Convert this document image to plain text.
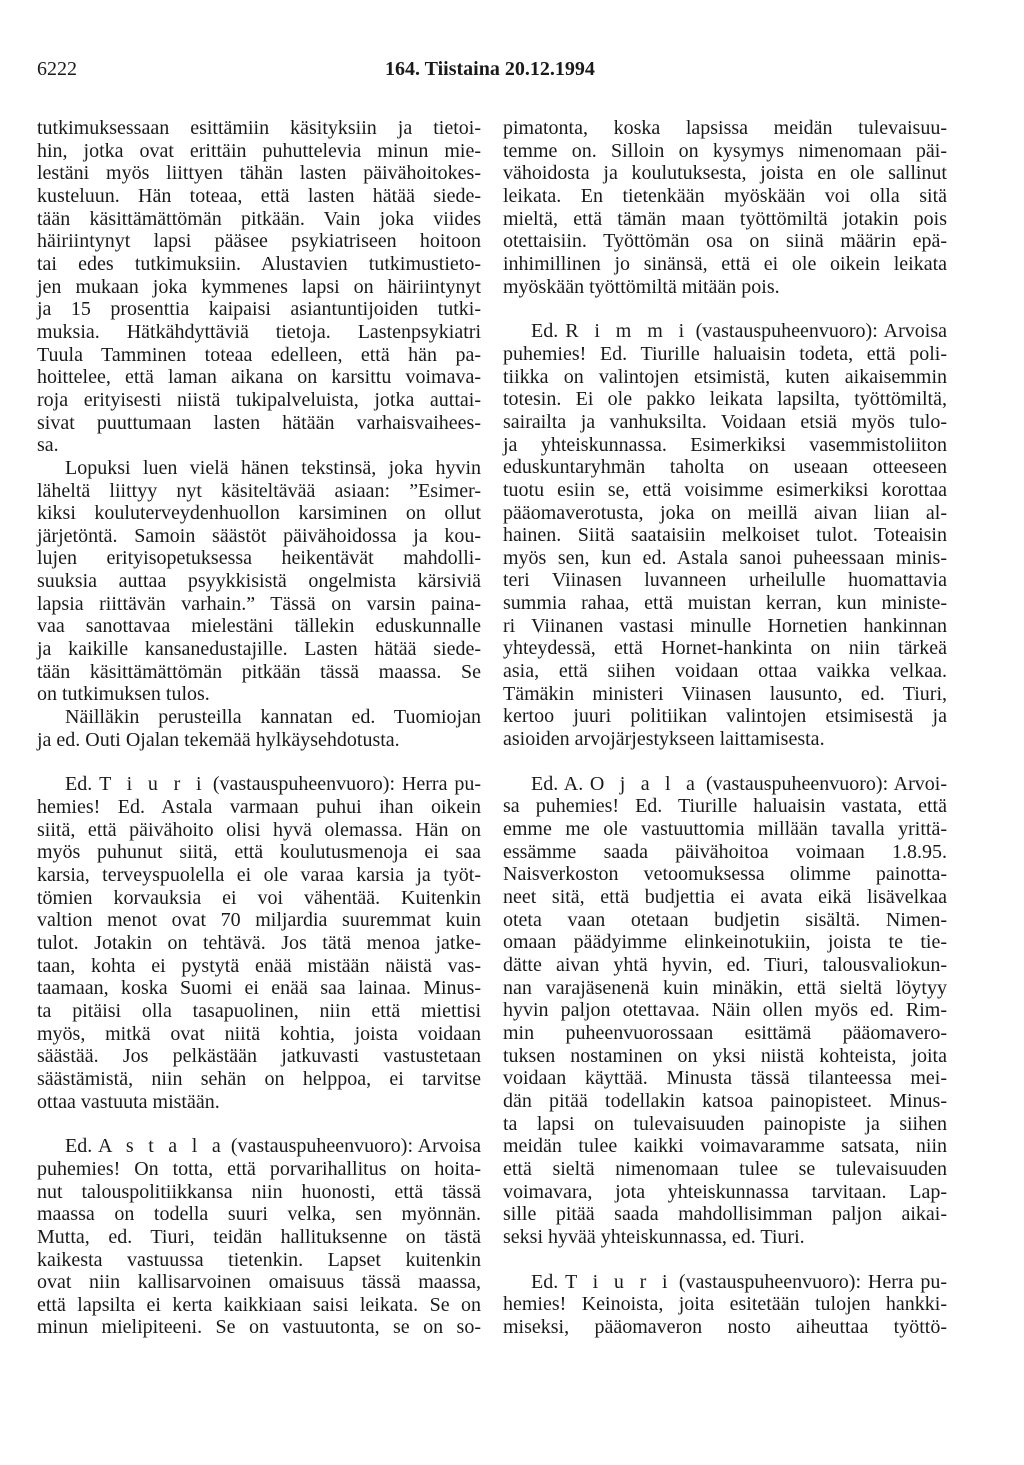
6222	164. Tiistaina 20.12.1994
tutkimuksessaan esittämiin käsityksiin ja tietoi-
hin, jotka ovat erittäin puhuttelevia minun mie-
lestäni myös liittyen tähän lasten päivähoitokes-
kusteluun. Hän toteaa, että lasten hätää siede-
tään käsittämättömän pitkään. Vain joka viides
häiriintynyt lapsi pääsee psykiatriseen hoitoon
tai edes tutkimuksiin. Alustavien tutkimustieto-
jen mukaan joka kymmenes lapsi on häiriintynyt
ja 15 prosenttia kaipaisi asiantuntijoiden tutki-
muksia. Hätkähdyttäviä tietoja. Lastenpsykiatri
Tuula Tamminen toteaa edelleen, että hän pa-
hoittelee, että laman aikana on karsittu voimava-
roja erityisesti niistä tukipalveluista, jotka auttai-
sivat puuttumaan lasten hätään varhaisvaihees-
sa.
Lopuksi luen vielä hänen tekstinsä, joka hyvin
läheltä liittyy nyt käsiteltävää asiaan: ”Esimer-
kiksi kouluterveydenhuollon karsiminen on ollut
järjetöntä. Samoin säästöt päivähoidossa ja kou-
lujen erityisopetuksessa heikentävät mahdolli-
suuksia auttaa psyykkisistä ongelmista kärsiviä
lapsia riittävän varhain.” Tässä on varsin paina-
vaa sanottavaa mielestäni tällekin eduskunnalle
ja kaikille kansanedustajille. Lasten hätää siede-
tään käsittämättömän pitkään tässä maassa. Se
on tutkimuksen tulos.
Näilläkin perusteilla kannatan ed. Tuomiojan
ja ed. Outi Ojalan tekemää hylkäysehdotusta.
Ed. T i u r i (vastauspuheenvuoro): Herra pu-
hemies! Ed. Astala varmaan puhui ihan oikein
siitä, että päivähoito olisi hyvä olemassa. Hän on
myös puhunut siitä, että koulutusmenoja ei saa
karsia, terveyspuolella ei ole varaa karsia ja työt-
tömien korvauksia ei voi vähentää. Kuitenkin
valtion menot ovat 70 miljardia suuremmat kuin
tulot. Jotakin on tehtävä. Jos tätä menoa jatke-
taan, kohta ei pystytä enää mistään näistä vas-
taamaan, koska Suomi ei enää saa lainaa. Minus-
ta pitäisi olla tasapuolinen, niin että miettisi
myös, mitkä ovat niitä kohtia, joista voidaan
säästää. Jos pelkästään jatkuvasti vastustetaan
säästämistä, niin sehän on helppoa, ei tarvitse
ottaa vastuuta mistään.
Ed. A s t a l a (vastauspuheenvuoro): Arvoisa
puhemies! On totta, että porvarihallitus on hoita-
nut talouspolitiikkansa niin huonosti, että tässä
maassa on todella suuri velka, sen myönnän.
Mutta, ed. Tiuri, teidän hallituksenne on tästä
kaikesta vastuussa tietenkin. Lapset kuitenkin
ovat niin kallisarvoinen omaisuus tässä maassa,
että lapsilta ei kerta kaikkiaan saisi leikata. Se on
minun mielipiteeni. Se on vastuutonta, se on so-
pimatonta, koska lapsissa meidän tulevaisuu-
temme on. Silloin on kysymys nimenomaan päi-
vähoidosta ja koulutuksesta, joista en ole sallinut
leikata. En tietenkään myöskään voi olla sitä
mieltä, että tämän maan työttömiltä jotakin pois
otettaisiin. Työttömän osa on siinä määrin epä-
inhimillinen jo sinänsä, että ei ole oikein leikata
myöskään työttömiltä mitään pois.
Ed. R i m m i (vastauspuheenvuoro): Arvoisa
puhemies! Ed. Tiurille haluaisin todeta, että poli-
tiikka on valintojen etsimistä, kuten aikaisemmin
totesin. Ei ole pakko leikata lapsilta, työttömiltä,
sairailta ja vanhuksilta. Voidaan etsiä myös tulo-
ja yhteiskunnassa. Esimerkiksi vasemmistoliiton
eduskuntaryhmän taholta on useaan otteeseen
tuotu esiin se, että voisimme esimerkiksi korottaa
pääomaverotusta, joka on meillä aivan liian al-
hainen. Siitä saataisiin melkoiset tulot. Toteaisin
myös sen, kun ed. Astala sanoi puheessaan minis-
teri Viinasen luvanneen urheilulle huomattavia
summia rahaa, että muistan kerran, kun ministe-
ri Viinanen vastasi minulle Hornetien hankinnan
yhteydessä, että Hornet-hankinta on niin tärkeä
asia, että siihen voidaan ottaa vaikka velkaa.
Tämäkin ministeri Viinasen lausunto, ed. Tiuri,
kertoo juuri politiikan valintojen etsimisestä ja
asioiden arvojärjestykseen laittamisesta.
Ed. A. O j a l a (vastauspuheenvuoro): Arvoi-
sa puhemies! Ed. Tiurille haluaisin vastata, että
emme me ole vastuuttomia millään tavalla yrittä-
essämme saada päivähoitoa voimaan 1.8.95.
Naisverkoston vetoomuksessa olimme painotta-
neet sitä, että budjettia ei avata eikä lisävelkaa
oteta vaan otetaan budjetin sisältä. Nimen-
omaan päädyimme elinkeinotukiin, joista te tie-
dätte aivan yhtä hyvin, ed. Tiuri, talousvaliokun-
nan varajäsenenä kuin minäkin, että sieltä löytyy
hyvin paljon otettavaa. Näin ollen myös ed. Rim-
min puheenvuorossaan esittämä pääomavero-
tuksen nostaminen on yksi niistä kohteista, joita
voidaan käyttää. Minusta tässä tilanteessa mei-
dän pitää todellakin katsoa painopisteet. Minus-
ta lapsi on tulevaisuuden painopiste ja siihen
meidän tulee kaikki voimavaramme satsata, niin
että sieltä nimenomaan tulee se tulevaisuuden
voimavara, jota yhteiskunnassa tarvitaan. Lap-
sille pitää saada mahdollisimman paljon aikai-
seksi hyvää yhteiskunnassa, ed. Tiuri.
Ed. T i u r i (vastauspuheenvuoro): Herra pu-
hemies! Keinoista, joita esitetään tulojen hankki-
miseksi, pääomaveron nosto aiheuttaa työttö-
